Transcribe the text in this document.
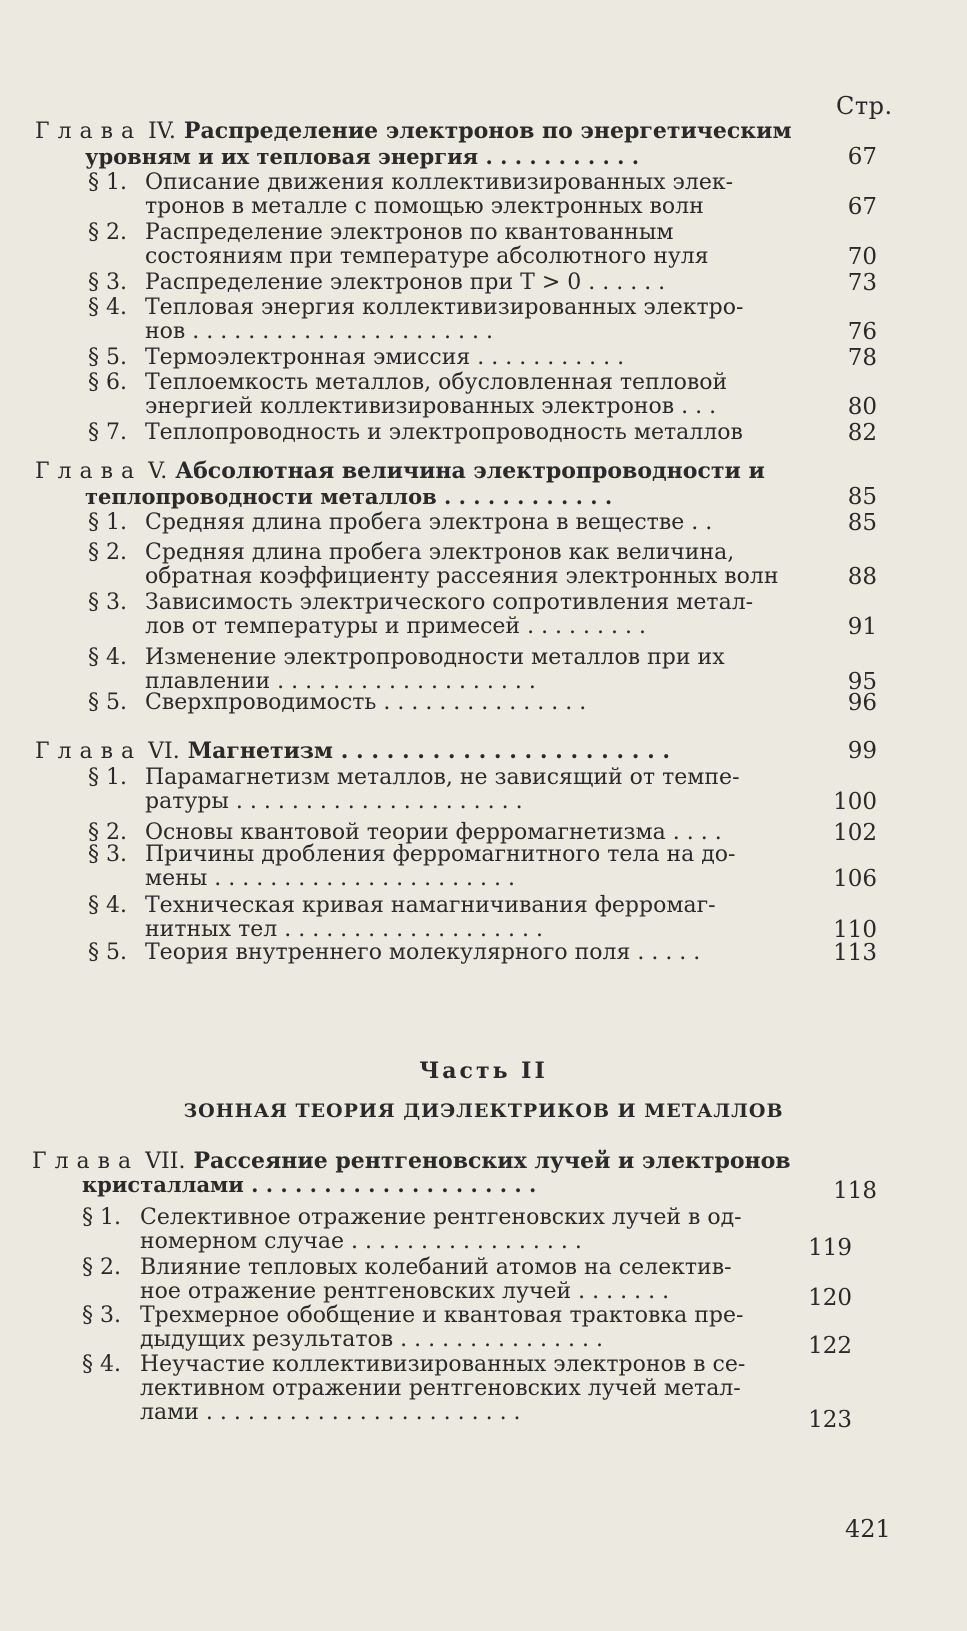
Стр.
Глава IV. Распределение электронов по энергетическим
уровням и их тепловая энергия . . . . . . . . . . .	67
§ 1. Описание движения коллективизированных элек-
тронов в металле с помощью электронных волн	67
§ 2. Распределение электронов по квантованным
состояниям при температуре абсолютного нуля	70
§ 3. Распределение электронов при T > 0 . . . . . .	73
§ 4. Тепловая энергия коллективизированных электро-
нов . . . . . . . . . . . . . . . . . . . . . .	76
§ 5. Термоэлектронная эмиссия . . . . . . . . . . .	78
§ 6. Теплоемкость металлов, обусловленная тепловой
энергией коллективизированных электронов . . .	80
§ 7. Теплопроводность и электропроводность металлов	82
Глава V. Абсолютная величина электропроводности и
теплопроводности металлов . . . . . . . . . . . .	85
§ 1. Средняя длина пробега электрона в веществе . .	85
§ 2. Средняя длина пробега электронов как величина,
обратная коэффициенту рассеяния электронных волн	88
§ 3. Зависимость электрического сопротивления метал-
лов от температуры и примесей . . . . . . . . .	91
§ 4. Изменение электропроводности металлов при их
плавлении . . . . . . . . . . . . . . . . . . .	95
§ 5. Сверхпроводимость . . . . . . . . . . . . . . .	96
Глава VI. Магнетизм . . . . . . . . . . . . . . . . . . . . . .	99
§ 1. Парамагнетизм металлов, не зависящий от темпе-
ратуры . . . . . . . . . . . . . . . . . . . . .	100
§ 2. Основы квантовой теории ферромагнетизма . . . .	102
§ 3. Причины дробления ферромагнитного тела на до-
мены . . . . . . . . . . . . . . . . . . . . . .	106
§ 4. Техническая кривая намагничивания ферромаг-
нитных тел . . . . . . . . . . . . . . . . . . .	110
§ 5. Теория внутреннего молекулярного поля . . . . .	113
Часть II
ЗОННАЯ ТЕОРИЯ ДИЭЛЕКТРИКОВ И МЕТАЛЛОВ
Глава VII. Рассеяние рентгеновских лучей и электронов
кристаллами . . . . . . . . . . . . . . . . . . . .	118
§ 1. Селективное отражение рентгеновских лучей в од-
номерном случае . . . . . . . . . . . . . . . . .	119
§ 2. Влияние тепловых колебаний атомов на селектив-
ное отражение рентгеновских лучей . . . . . . .	120
§ 3. Трехмерное обобщение и квантовая трактовка пре-
дыдущих результатов . . . . . . . . . . . . . . .	122
§ 4. Неучастие коллективизированных электронов в се-
лективном отражении рентгеновских лучей метал-
лами . . . . . . . . . . . . . . . . . . . . . . .	123
421
